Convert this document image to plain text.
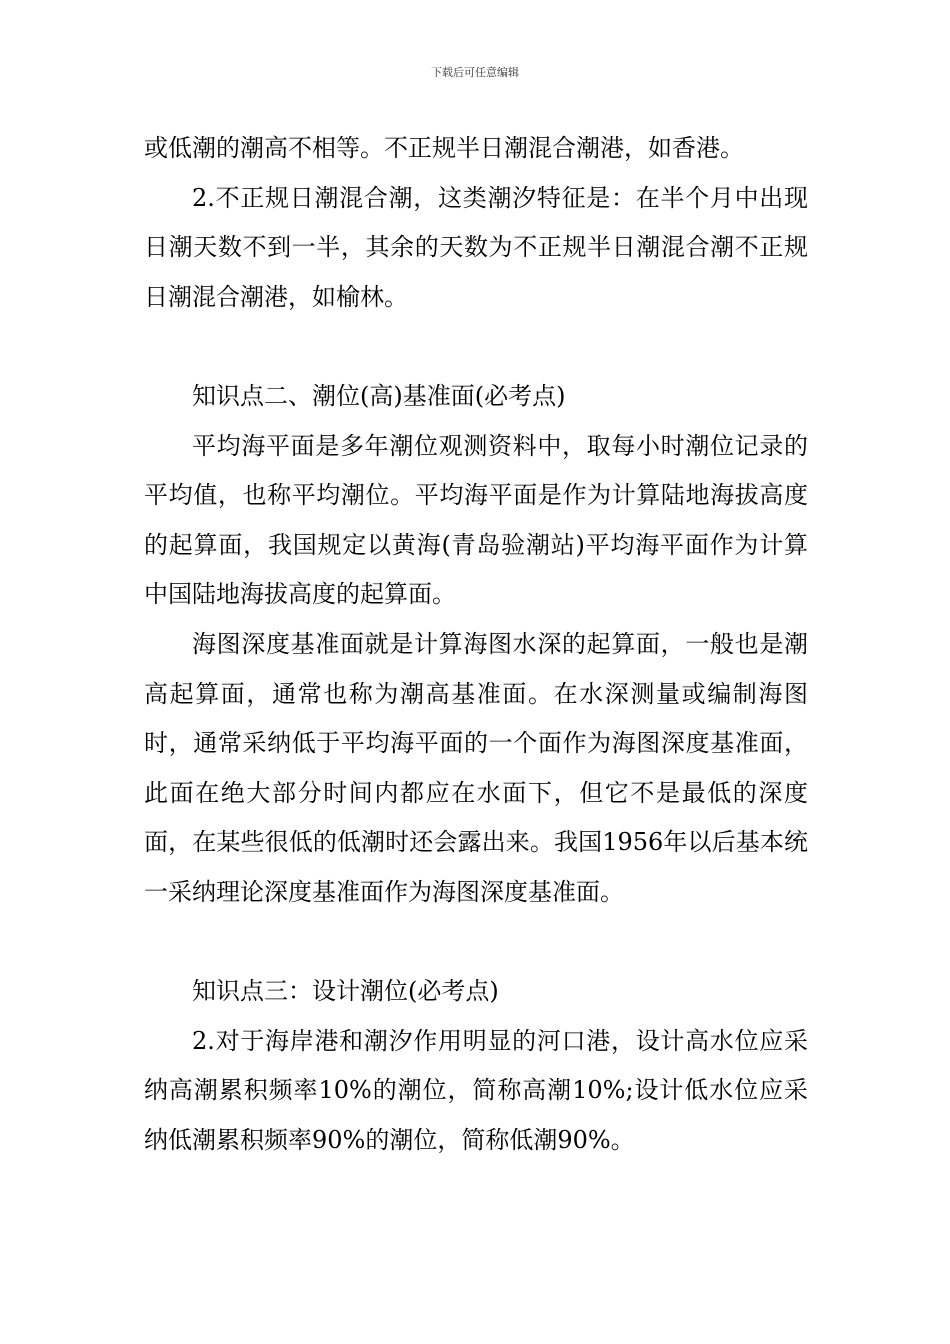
下载后可任意编辑

或低潮的潮高不相等。不正规半日潮混合潮港，如香港。

2.不正规日潮混合潮，这类潮汐特征是：在半个月中出现日潮天数不到一半，其余的天数为不正规半日潮混合潮不正规日潮混合潮港，如榆林。

知识点二、潮位(高)基准面(必考点)

平均海平面是多年潮位观测资料中，取每小时潮位记录的平均值，也称平均潮位。平均海平面是作为计算陆地海拔高度的起算面，我国规定以黄海(青岛验潮站)平均海平面作为计算中国陆地海拔高度的起算面。

海图深度基准面就是计算海图水深的起算面，一般也是潮高起算面，通常也称为潮高基准面。在水深测量或编制海图时，通常采纳低于平均海平面的一个面作为海图深度基准面，此面在绝大部分时间内都应在水面下，但它不是最低的深度面，在某些很低的低潮时还会露出来。我国1956年以后基本统一采纳理论深度基准面作为海图深度基准面。

知识点三：设计潮位(必考点)

2.对于海岸港和潮汐作用明显的河口港，设计高水位应采纳高潮累积频率10%的潮位，简称高潮10%;设计低水位应采纳低潮累积频率90%的潮位，简称低潮90%。
